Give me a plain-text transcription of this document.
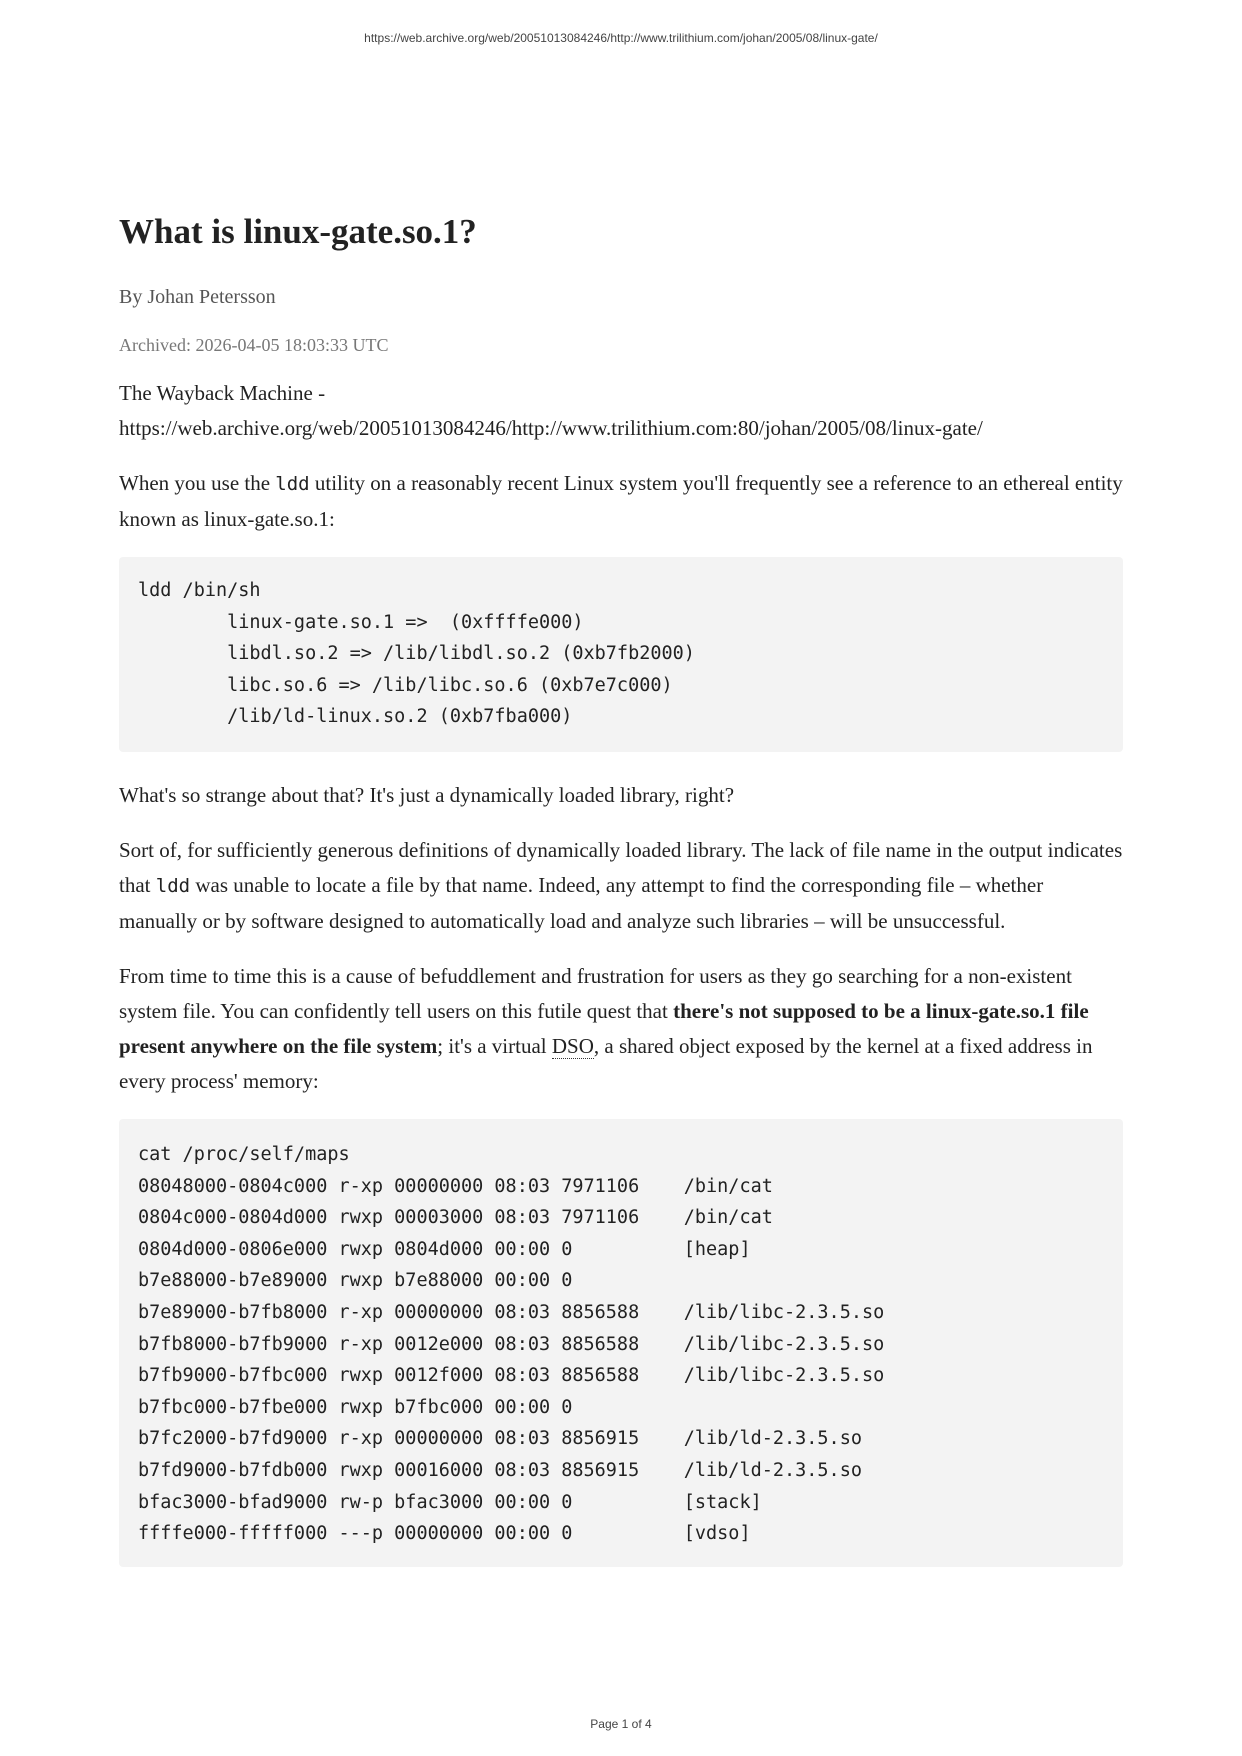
https://web.archive.org/web/20051013084246/http://www.trilithium.com/johan/2005/08/linux-gate/
What is linux-gate.so.1?
By Johan Petersson
Archived: 2026-04-05 18:03:33 UTC

The Wayback Machine -
https://web.archive.org/web/20051013084246/http://www.trilithium.com:80/johan/2005/08/linux-gate/

When you use the ldd utility on a reasonably recent Linux system you'll frequently see a reference to an ethereal entity known as linux-gate.so.1:

ldd /bin/sh
linux-gate.so.1 =>  (0xffffe000)
libdl.so.2 => /lib/libdl.so.2 (0xb7fb2000)
libc.so.6 => /lib/libc.so.6 (0xb7e7c000)
/lib/ld-linux.so.2 (0xb7fba000)

What's so strange about that? It's just a dynamically loaded library, right?

Sort of, for sufficiently generous definitions of dynamically loaded library. The lack of file name in the output indicates that ldd was unable to locate a file by that name. Indeed, any attempt to find the corresponding file – whether manually or by software designed to automatically load and analyze such libraries – will be unsuccessful.

From time to time this is a cause of befuddlement and frustration for users as they go searching for a non-existent system file. You can confidently tell users on this futile quest that there's not supposed to be a linux-gate.so.1 file present anywhere on the file system; it's a virtual DSO, a shared object exposed by the kernel at a fixed address in every process' memory:

cat /proc/self/maps
08048000-0804c000 r-xp 00000000 08:03 7971106    /bin/cat
0804c000-0804d000 rwxp 00003000 08:03 7971106    /bin/cat
0804d000-0806e000 rwxp 0804d000 00:00 0          [heap]
b7e88000-b7e89000 rwxp b7e88000 00:00 0
b7e89000-b7fb8000 r-xp 00000000 08:03 8856588    /lib/libc-2.3.5.so
b7fb8000-b7fb9000 r-xp 0012e000 08:03 8856588    /lib/libc-2.3.5.so
b7fb9000-b7fbc000 rwxp 0012f000 08:03 8856588    /lib/libc-2.3.5.so
b7fbc000-b7fbe000 rwxp b7fbc000 00:00 0
b7fc2000-b7fd9000 r-xp 00000000 08:03 8856915    /lib/ld-2.3.5.so
b7fd9000-b7fdb000 rwxp 00016000 08:03 8856915    /lib/ld-2.3.5.so
bfac3000-bfad9000 rw-p bfac3000 00:00 0          [stack]
ffffe000-fffff000 ---p 00000000 00:00 0          [vdso]
Page 1 of 4
